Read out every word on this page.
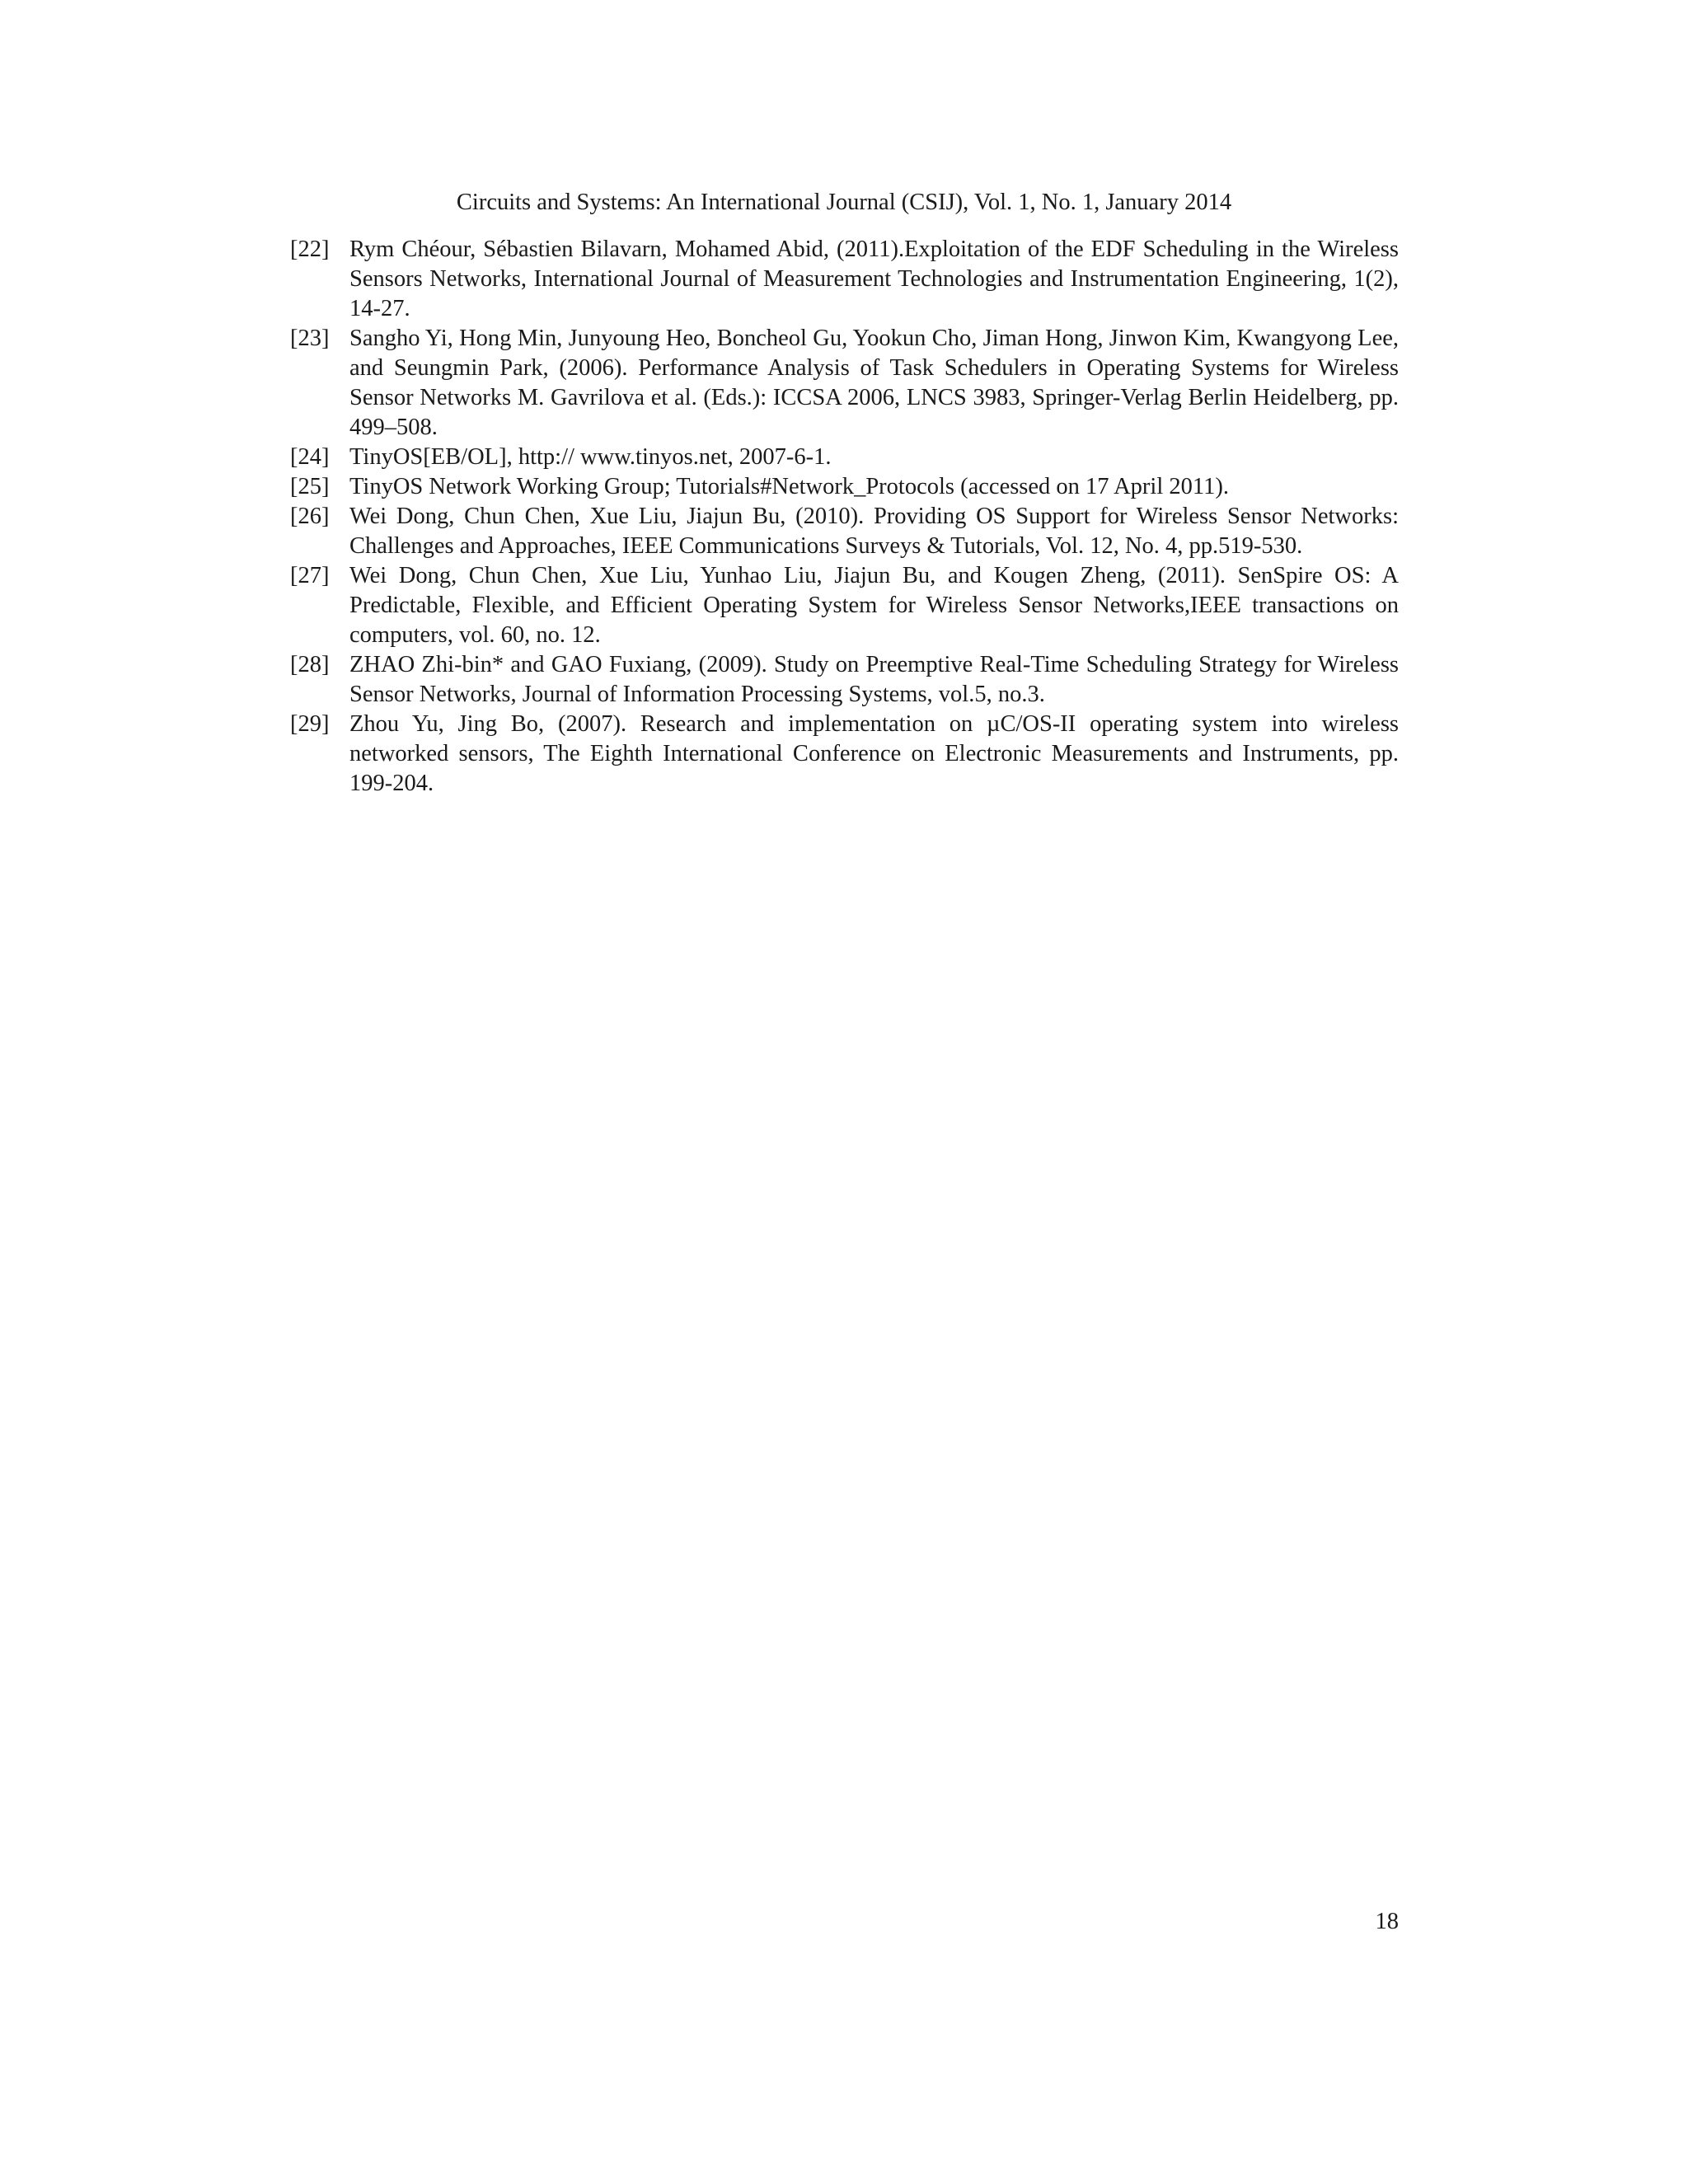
Circuits and Systems: An International Journal (CSIJ), Vol. 1, No. 1, January 2014
[22] Rym Chéour, Sébastien Bilavarn, Mohamed Abid, (2011).Exploitation of the EDF Scheduling in the Wireless Sensors Networks, International Journal of Measurement Technologies and Instrumentation Engineering, 1(2), 14-27.
[23] Sangho Yi, Hong Min, Junyoung Heo, Boncheol Gu, Yookun Cho, Jiman Hong, Jinwon Kim, Kwangyong Lee, and Seungmin Park, (2006). Performance Analysis of Task Schedulers in Operating Systems for Wireless Sensor Networks M. Gavrilova et al. (Eds.): ICCSA 2006, LNCS 3983, Springer-Verlag Berlin Heidelberg, pp. 499–508.
[24] TinyOS[EB/OL], http:// www.tinyos.net, 2007-6-1.
[25] TinyOS Network Working Group; Tutorials#Network_Protocols (accessed on 17 April 2011).
[26] Wei Dong, Chun Chen, Xue Liu, Jiajun Bu, (2010). Providing OS Support for Wireless Sensor Networks: Challenges and Approaches, IEEE Communications Surveys & Tutorials, Vol. 12, No. 4, pp.519-530.
[27] Wei Dong, Chun Chen, Xue Liu, Yunhao Liu, Jiajun Bu, and Kougen Zheng, (2011). SenSpire OS: A Predictable, Flexible, and Efficient Operating System for Wireless Sensor Networks,IEEE transactions on computers, vol. 60, no. 12.
[28] ZHAO Zhi-bin* and GAO Fuxiang, (2009). Study on Preemptive Real-Time Scheduling Strategy for Wireless Sensor Networks, Journal of Information Processing Systems, vol.5, no.3.
[29] Zhou Yu, Jing Bo, (2007). Research and implementation on µC/OS-II operating system into wireless networked sensors, The Eighth International Conference on Electronic Measurements and Instruments, pp. 199-204.
18
